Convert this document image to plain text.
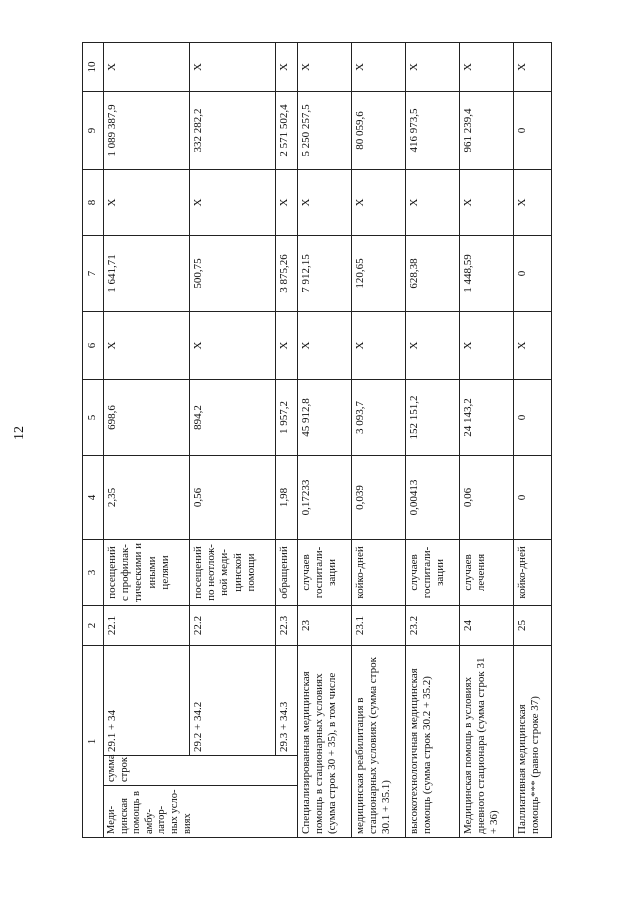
12
1			2	3	4	5	6	7	8	9	10
Меди-цинская помощь в амбу-латор-ных усло-виях	сумма строк	29.1 + 34	22.1	посещений с профилак-тическими и иными целями	2,35	698,6	X	1 641,71	X	1 089 387,9	X
		29.2 + 34.2	22.2	посещений по неотлож-ной меди-цинской помощи	0,56	894,2	X	500,75	X	332 282,2	X
		29.3 + 34.3	22.3	обращений	1,98	1 957,2	X	3 875,26	X	2 571 502,4	X
Специализированная медицинская помощь в стационарных условиях (сумма строк 30 + 35), в том числе			23	случаев госпитали-зации	0,17233	45 912,8	X	7 912,15	X	5 250 257,5	X
медицинская реабилитация в стационарных условиях (сумма строк 30.1 + 35.1)			23.1	койко-дней	0,039	3 093,7	X	120,65	X	80 059,6	X
высокотехнологичная медицинская помощь (сумма строк 30.2 + 35.2)			23.2	случаев госпитали-зации	0,00413	152 151,2	X	628,38	X	416 973,5	X
Медицинская помощь в условиях дневного стационара (сумма строк 31 + 36)			24	случаев лечения	0,06	24 143,2	X	1 448,59	X	961 239,4	X
Паллиативная медицинская помощь*** (равно строке 37)			25	койко-дней	0	0	X	0	X	0	X
